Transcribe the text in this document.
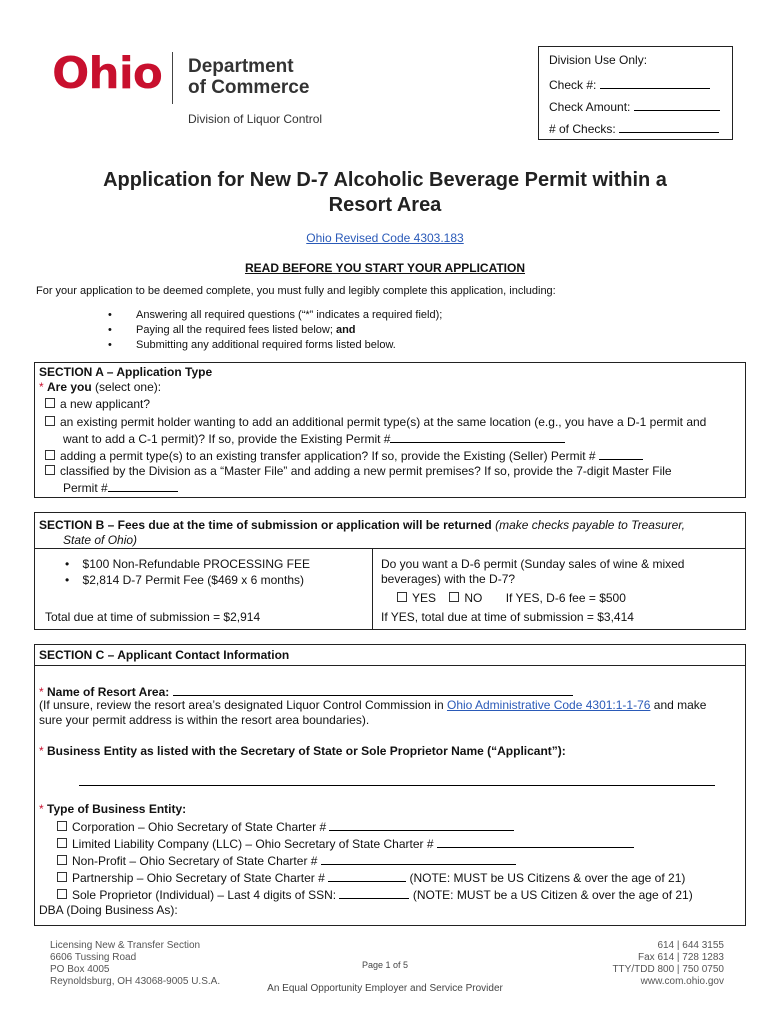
Ohio Department
of Commerce
Division of Liquor Control
Division Use Only:
Check #:
Check Amount:
# of Checks:
Application for New D-7 Alcoholic Beverage Permit within a
Resort Area
Ohio Revised Code 4303.183
READ BEFORE YOU START YOUR APPLICATION
For your application to be deemed complete, you must fully and legibly complete this application, including:
• Answering all required questions (“*” indicates a required field);
• Paying all the required fees listed below; and
• Submitting any additional required forms listed below.
SECTION A – Application Type
* Are you (select one):
a new applicant?
an existing permit holder wanting to add an additional permit type(s) at the same location (e.g., you have a D-1 permit and
want to add a C-1 permit)? If so, provide the Existing Permit #
adding a permit type(s) to an existing transfer application? If so, provide the Existing (Seller) Permit #
classified by the Division as a “Master File” and adding a new permit premises? If so, provide the 7-digit Master File
Permit #
SECTION B – Fees due at the time of submission or application will be returned (make checks payable to Treasurer,
State of Ohio)
•    $100 Non-Refundable PROCESSING FEE
•    $2,814 D-7 Permit Fee ($469 x 6 months)
Total due at time of submission = $2,914
Do you want a D-6 permit (Sunday sales of wine & mixed
beverages) with the D-7?
YES NO If YES, D-6 fee = $500
If YES, total due at time of submission = $3,414
SECTION C – Applicant Contact Information
* Name of Resort Area:
(If unsure, review the resort area’s designated Liquor Control Commission in Ohio Administrative Code 4301:1-1-76 and make
sure your permit address is within the resort area boundaries).
* Business Entity as listed with the Secretary of State or Sole Proprietor Name (“Applicant”):
* Type of Business Entity:
Corporation – Ohio Secretary of State Charter #
Limited Liability Company (LLC) – Ohio Secretary of State Charter #
Non-Profit – Ohio Secretary of State Charter #
Partnership – Ohio Secretary of State Charter #	(NOTE: MUST be US Citizens & over the age of 21)
Sole Proprietor (Individual) – Last 4 digits of SSN:	(NOTE: MUST be a US Citizen & over the age of 21)
DBA (Doing Business As):
Licensing New & Transfer Section
6606 Tussing Road
PO Box 4005
Reynoldsburg, OH 43068-9005 U.S.A.
Page 1 of 5
An Equal Opportunity Employer and Service Provider
614 | 644 3155
Fax 614 | 728 1283
TTY/TDD 800 | 750 0750
www.com.ohio.gov
